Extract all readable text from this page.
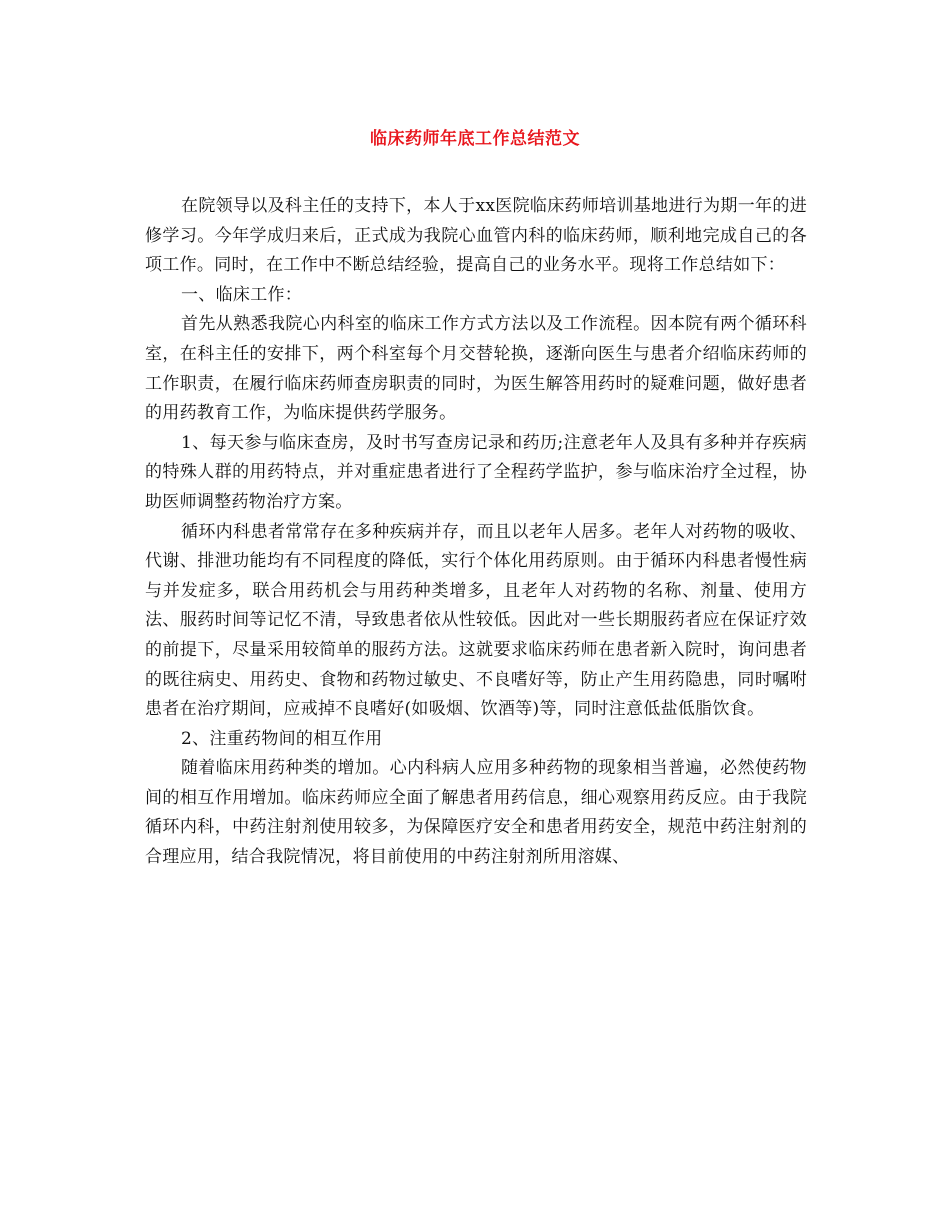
临床药师年底工作总结范文

在院领导以及科主任的支持下，本人于xx医院临床药师培训基地进行为期一年的进修学习。今年学成归来后，正式成为我院心血管内科的临床药师，顺利地完成自己的各项工作。同时，在工作中不断总结经验，提高自己的业务水平。现将工作总结如下：

一、临床工作：

首先从熟悉我院心内科室的临床工作方式方法以及工作流程。因本院有两个循环科室，在科主任的安排下，两个科室每个月交替轮换，逐渐向医生与患者介绍临床药师的工作职责，在履行临床药师查房职责的同时，为医生解答用药时的疑难问题，做好患者的用药教育工作，为临床提供药学服务。

1、每天参与临床查房，及时书写查房记录和药历;注意老年人及具有多种并存疾病的特殊人群的用药特点，并对重症患者进行了全程药学监护，参与临床治疗全过程，协助医师调整药物治疗方案。

循环内科患者常常存在多种疾病并存，而且以老年人居多。老年人对药物的吸收、代谢、排泄功能均有不同程度的降低，实行个体化用药原则。由于循环内科患者慢性病与并发症多，联合用药机会与用药种类增多，且老年人对药物的名称、剂量、使用方法、服药时间等记忆不清，导致患者依从性较低。因此对一些长期服药者应在保证疗效的前提下，尽量采用较简单的服药方法。这就要求临床药师在患者新入院时，询问患者的既往病史、用药史、食物和药物过敏史、不良嗜好等，防止产生用药隐患，同时嘱咐患者在治疗期间，应戒掉不良嗜好(如吸烟、饮酒等)等，同时注意低盐低脂饮食。

2、注重药物间的相互作用

随着临床用药种类的增加。心内科病人应用多种药物的现象相当普遍，必然使药物间的相互作用增加。临床药师应全面了解患者用药信息，细心观察用药反应。由于我院循环内科，中药注射剂使用较多，为保障医疗安全和患者用药安全，规范中药注射剂的合理应用，结合我院情况，将目前使用的中药注射剂所用溶媒、
